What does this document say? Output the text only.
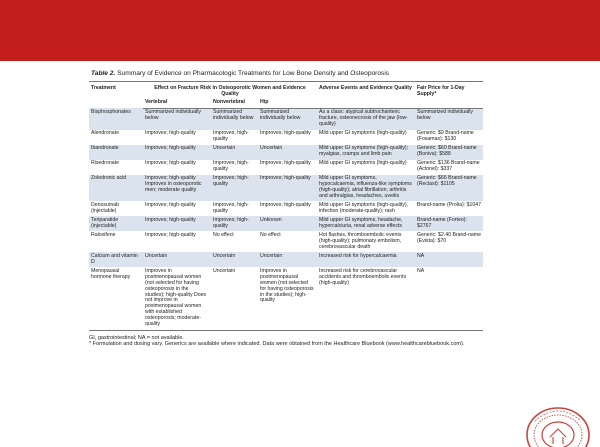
Table 2. Summary of Evidence on Pharmacologic Treatments for Low Bone Density and Osteoporosis
Treatment	Effect on Fracture Risk in Osteoporotic Women and Evidence Quality			Adverse Events and Evidence Quality	Fair Price for 1-Day Supply*
	Vertebral	Nonvertebral	Hip		
Bisphosphonates	Summarized individually below	Summarized individually below	Summarized individually below	As a class: atypical subtrochanteric fracture, osteonecrosis of the jaw (low-quality)	Summarized individually below
Alendronate	Improves; high-quality	Improves; high-quality	Improves; high-quality	Mild upper GI symptoms (high-quality)	Generic: $9 Brand-name (Fosamax): $130
Ibandronate	Improves; high-quality	Uncertain	Uncertain	Mild upper GI symptoms (high-quality); myalgias, cramps and limb pain	Generic: $60 Brand-name (Boniva): $588
Risedronate	Improves; high-quality	Improves; high-quality	Improves; high-quality	Mild upper GI symptoms (high-quality)	Generic: $136 Brand-name (Actonel): $337
Zoledronic acid	Improves; high-quality Improves in osteoporotic men; moderate quality	Improves; high-quality	Improves; high-quality	Mild upper GI symptoms, hypocalcaemia, influenza-like symptoms (high-quality); atrial fibrillation; arthritis and arthralgias, headaches, uveitis	Generic: $66 Brand-name (Reclast): $1105
Denosumab (injectable)	Improves; high-quality	Improves; high-quality	Improves; high-quality	Mild upper GI symptoms (high-quality), infection (moderate-quality); rash	Brand-name (Prolia): $1047
Teriparatide (injectable)	Improves; high-quality	Improves; high-quality	Unknown	Mild upper GI symptoms, headache, hypercalciuria, renal adverse effects	Brand-name (Forteo): $2767
Raloxifene	Improves; high-quality	No effect	No effect	Hot flashes, thromboembolic events (high-quality); pulmonary embolism, cerebrovascular death	Generic: $2.40 Brand-name (Evista): $70
Calcium and vitamin D	Uncertain	Uncertain	Uncertain	Increased risk for hypercalcaemia	NA
Menopausal hormone therapy	Improves in postmenopausal women (not selected for having osteoporosis in the studies); high-quality Does not improve in postmenopausal women with established osteoporosis; moderate-quality	Uncertain	Improves in postmenopausal women (not selected for having osteoporosis in the studies); high-quality	Increased risk for cerebrovascular accidents and thromboembolic events (high-quality)	NA
GI, gastrointestinal; NA = not available.
* Formulation and dosing vary. Generics are available where indicated. Data were obtained from the Healthcare Bluebook (www.healthcarebluebook.com).
